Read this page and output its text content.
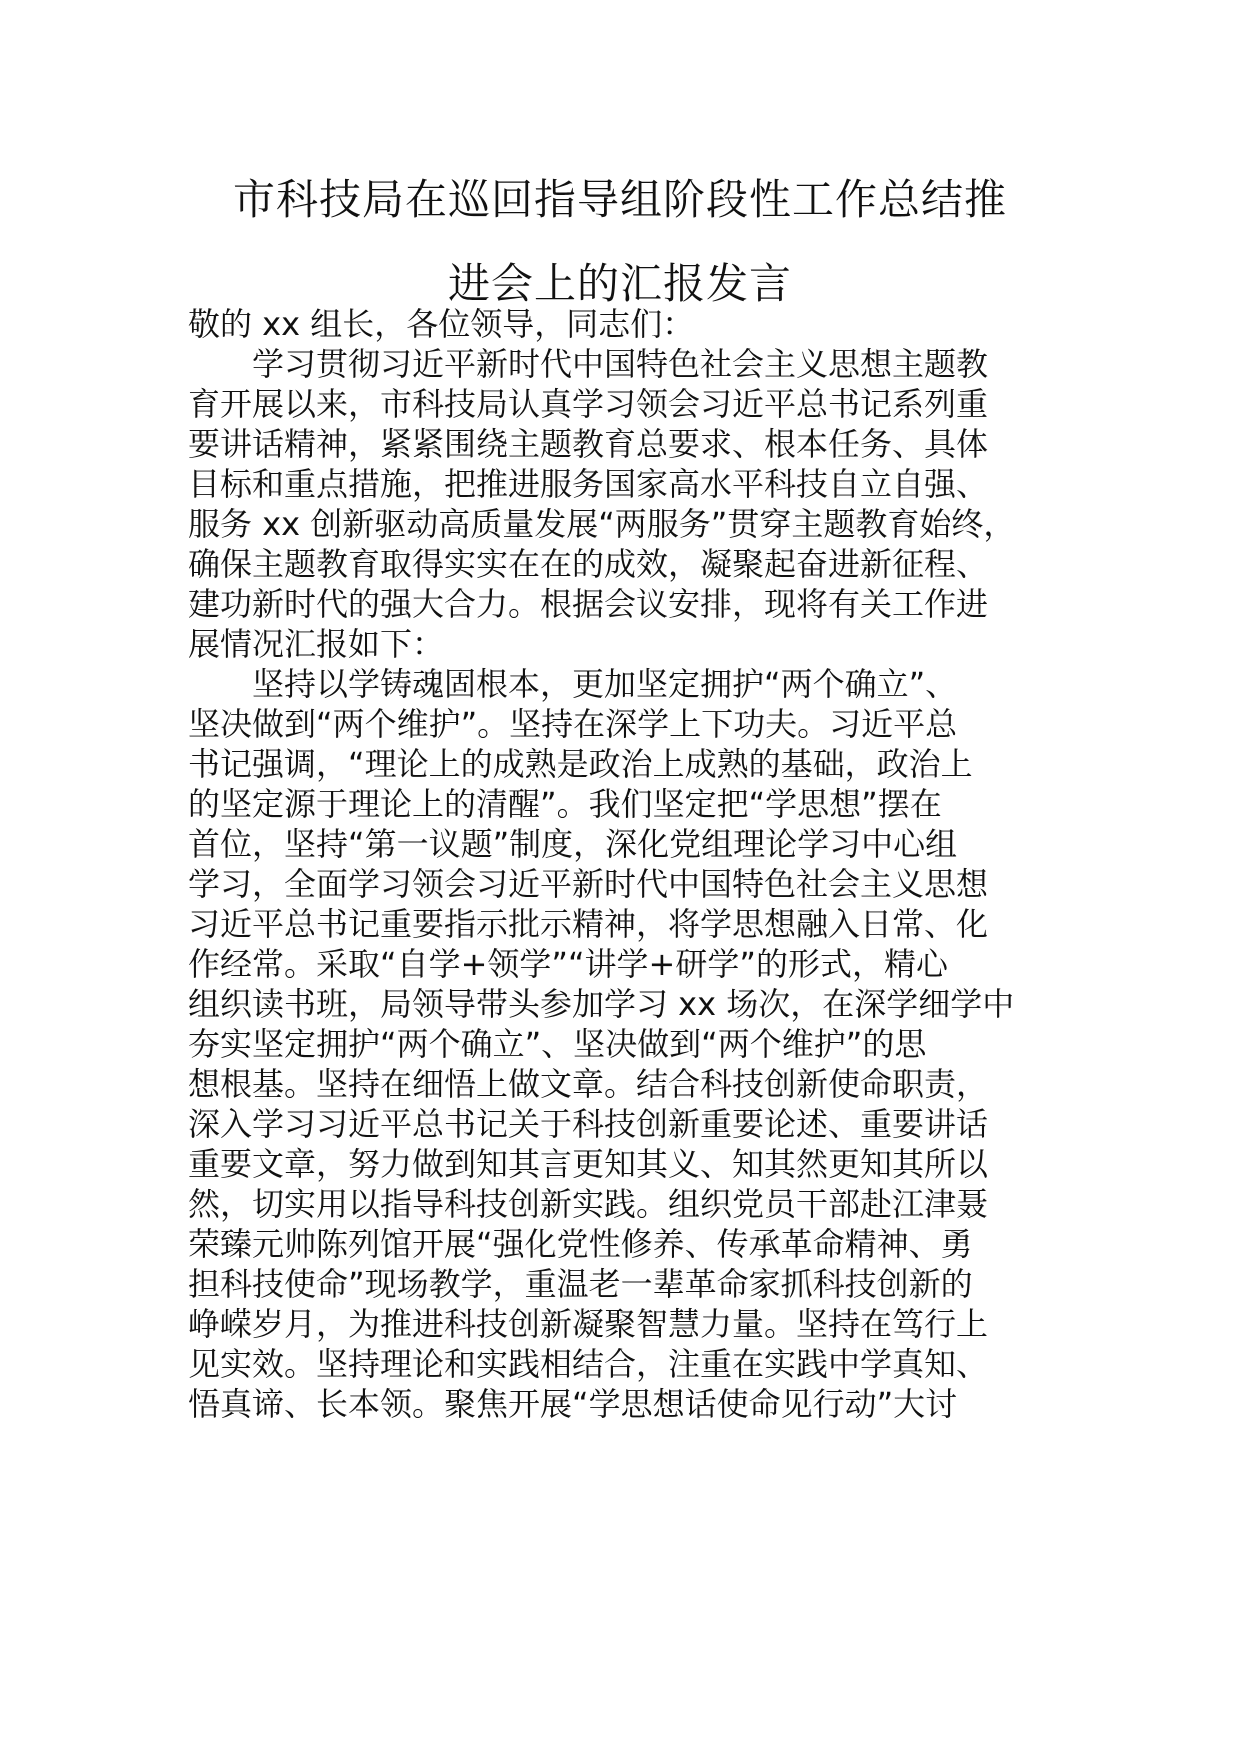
市科技局在巡回指导组阶段性工作总结推
进会上的汇报发言
敬的 xx 组长，各位领导，同志们：
　　学习贯彻习近平新时代中国特色社会主义思想主题教
育开展以来，市科技局认真学习领会习近平总书记系列重
要讲话精神，紧紧围绕主题教育总要求、根本任务、具体
目标和重点措施，把推进服务国家高水平科技自立自强、
服务 xx 创新驱动高质量发展“两服务”贯穿主题教育始终，
确保主题教育取得实实在在的成效，凝聚起奋进新征程、
建功新时代的强大合力。根据会议安排，现将有关工作进
展情况汇报如下：
　　坚持以学铸魂固根本，更加坚定拥护“两个确立”、
坚决做到“两个维护”。坚持在深学上下功夫。习近平总
书记强调，“理论上的成熟是政治上成熟的基础，政治上
的坚定源于理论上的清醒”。我们坚定把“学思想”摆在
首位，坚持“第一议题”制度，深化党组理论学习中心组
学习，全面学习领会习近平新时代中国特色社会主义思想
习近平总书记重要指示批示精神，将学思想融入日常、化
作经常。采取“自学+领学”“讲学+研学”的形式，精心
组织读书班，局领导带头参加学习 xx 场次，在深学细学中
夯实坚定拥护“两个确立”、坚决做到“两个维护”的思
想根基。坚持在细悟上做文章。结合科技创新使命职责，
深入学习习近平总书记关于科技创新重要论述、重要讲话
重要文章，努力做到知其言更知其义、知其然更知其所以
然，切实用以指导科技创新实践。组织党员干部赴江津聂
荣臻元帅陈列馆开展“强化党性修养、传承革命精神、勇
担科技使命”现场教学，重温老一辈革命家抓科技创新的
峥嵘岁月，为推进科技创新凝聚智慧力量。坚持在笃行上
见实效。坚持理论和实践相结合，注重在实践中学真知、
悟真谛、长本领。聚焦开展“学思想话使命见行动”大讨
